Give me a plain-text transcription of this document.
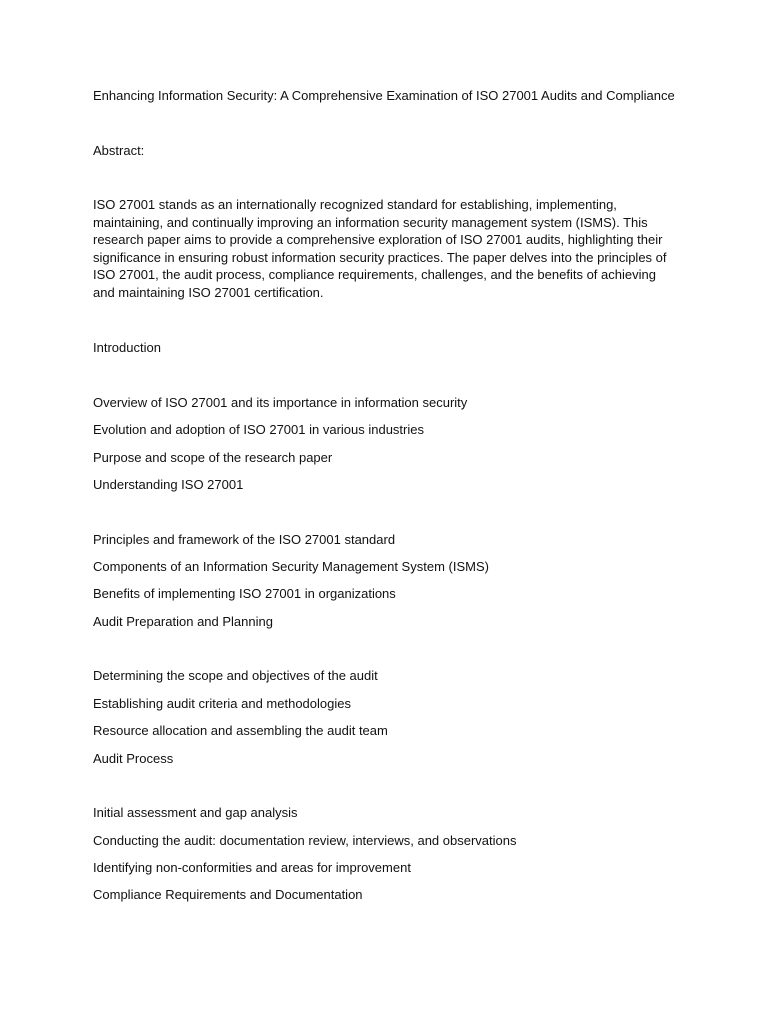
Enhancing Information Security: A Comprehensive Examination of ISO 27001 Audits and Compliance

Abstract:

ISO 27001 stands as an internationally recognized standard for establishing, implementing, maintaining, and continually improving an information security management system (ISMS). This research paper aims to provide a comprehensive exploration of ISO 27001 audits, highlighting their significance in ensuring robust information security practices. The paper delves into the principles of ISO 27001, the audit process, compliance requirements, challenges, and the benefits of achieving and maintaining ISO 27001 certification.

Introduction

Overview of ISO 27001 and its importance in information security

Evolution and adoption of ISO 27001 in various industries

Purpose and scope of the research paper

Understanding ISO 27001

Principles and framework of the ISO 27001 standard

Components of an Information Security Management System (ISMS)

Benefits of implementing ISO 27001 in organizations

Audit Preparation and Planning

Determining the scope and objectives of the audit

Establishing audit criteria and methodologies

Resource allocation and assembling the audit team

Audit Process

Initial assessment and gap analysis

Conducting the audit: documentation review, interviews, and observations

Identifying non-conformities and areas for improvement

Compliance Requirements and Documentation
